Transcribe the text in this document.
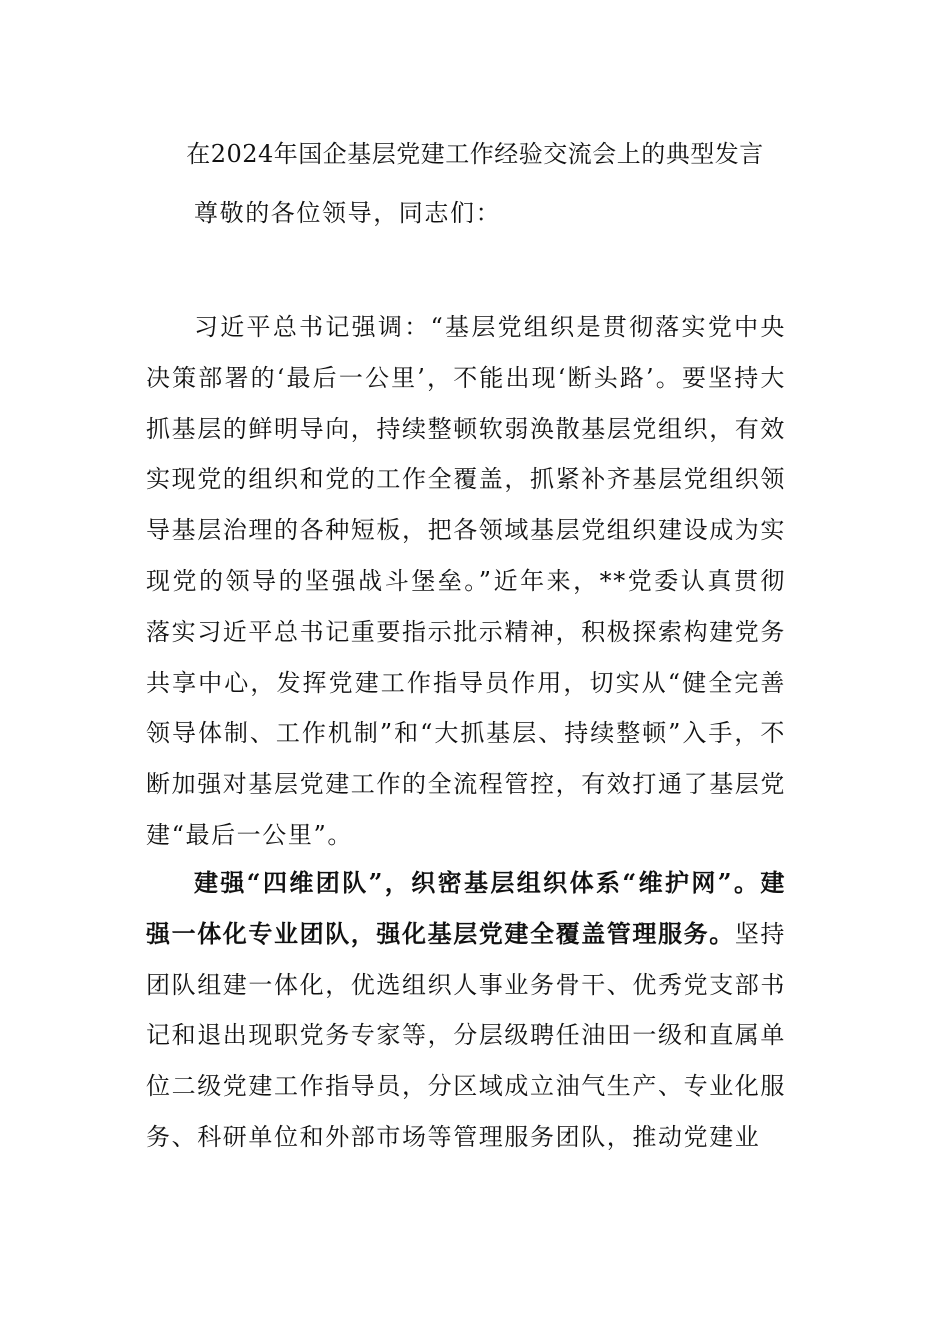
在2024年国企基层党建工作经验交流会上的典型发言
尊敬的各位领导，同志们：
习近平总书记强调：“基层党组织是贯彻落实党中央决策部署的‘最后一公里’，不能出现‘断头路’。要坚持大抓基层的鲜明导向，持续整顿软弱涣散基层党组织，有效实现党的组织和党的工作全覆盖，抓紧补齐基层党组织领导基层治理的各种短板，把各领域基层党组织建设成为实现党的领导的坚强战斗堡垒。”近年来，**党委认真贯彻落实习近平总书记重要指示批示精神，积极探索构建党务共享中心，发挥党建工作指导员作用，切实从“健全完善领导体制、工作机制”和“大抓基层、持续整顿”入手，不断加强对基层党建工作的全流程管控，有效打通了基层党建“最后一公里”。
建强“四维团队”，织密基层组织体系“维护网”。建强一体化专业团队，强化基层党建全覆盖管理服务。坚持团队组建一体化，优选组织人事业务骨干、优秀党支部书记和退出现职党务专家等，分层级聘任油田一级和直属单位二级党建工作指导员，分区域成立油气生产、专业化服务、科研单位和外部市场等管理服务团队，推动党建业
